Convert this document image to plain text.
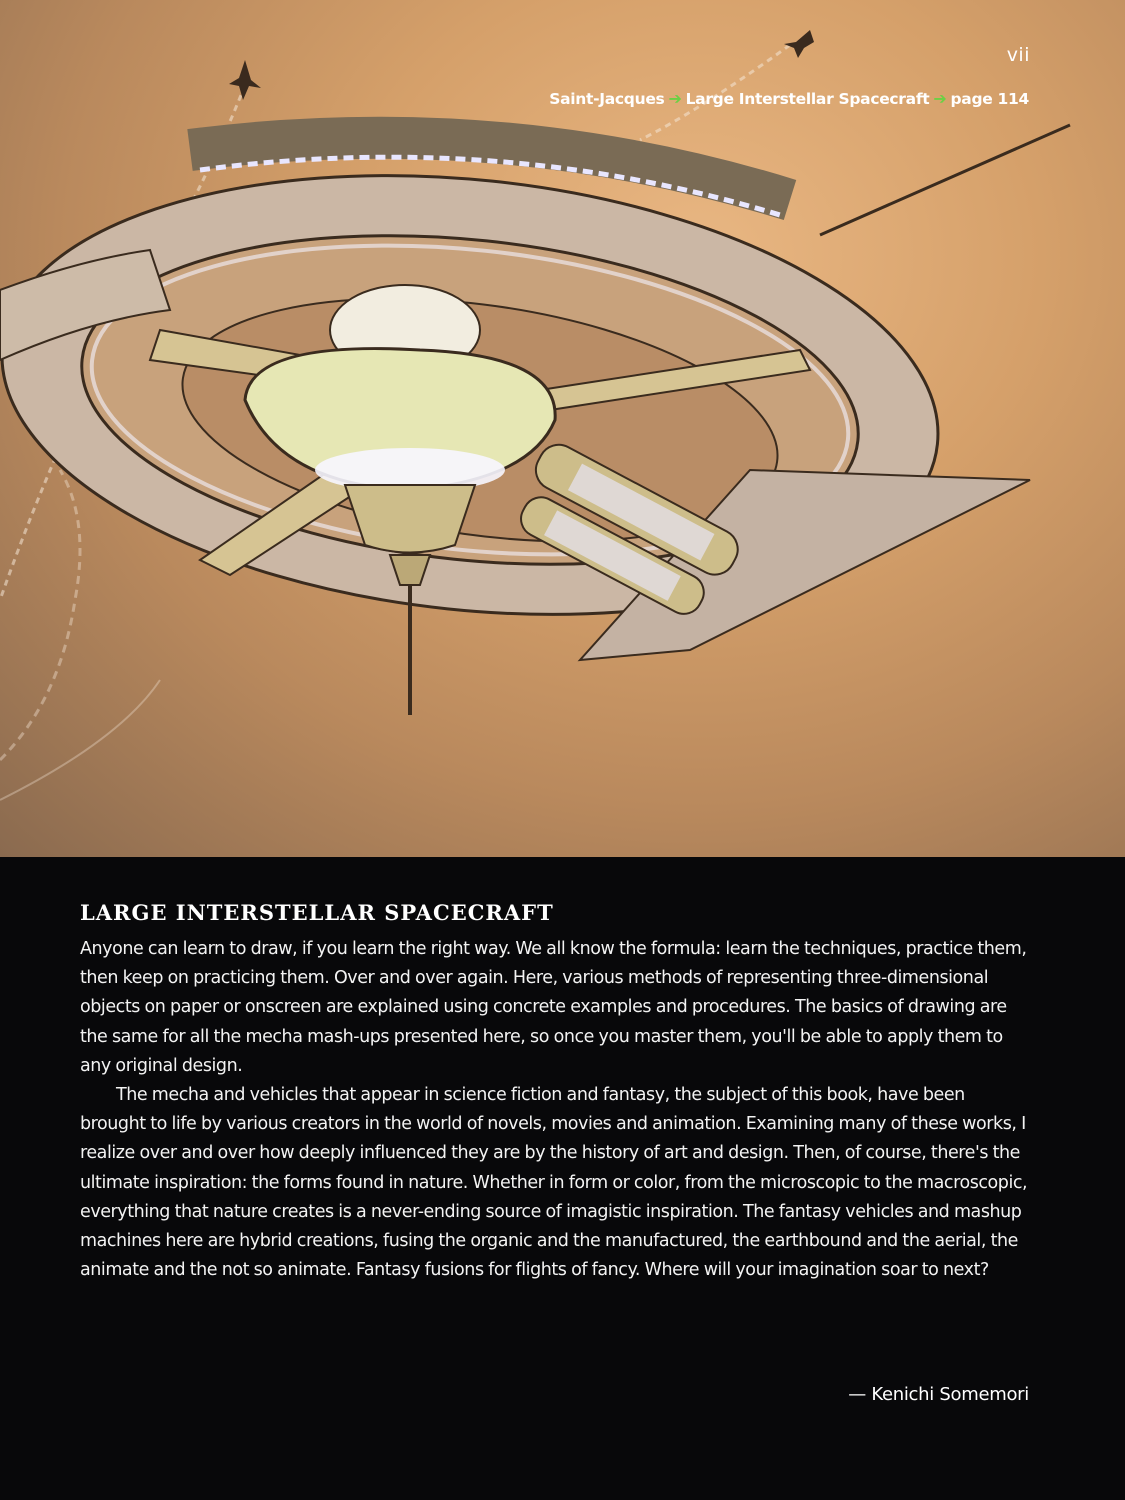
vii
Saint-Jacques ➔ Large Interstellar Spacecraft ➔ page 114
LARGE INTERSTELLAR SPACECRAFT

Anyone can learn to draw, if you learn the right way. We all know the formula: learn the techniques, practice them, then keep on practicing them. Over and over again. Here, various methods of representing three-dimensional objects on paper or onscreen are explained using concrete examples and procedures. The basics of drawing are the same for all the mecha mash-ups presented here, so once you master them, you'll be able to apply them to any original design.

The mecha and vehicles that appear in science fiction and fantasy, the subject of this book, have been brought to life by various creators in the world of novels, movies and animation. Examining many of these works, I realize over and over how deeply influenced they are by the history of art and design. Then, of course, there's the ultimate inspiration: the forms found in nature. Whether in form or color, from the microscopic to the macroscopic, everything that nature creates is a never-ending source of imagistic inspiration. The fantasy vehicles and mashup machines here are hybrid creations, fusing the organic and the manufactured, the earthbound and the aerial, the animate and the not so animate. Fantasy fusions for flights of fancy. Where will your imagination soar to next?

— Kenichi Somemori
